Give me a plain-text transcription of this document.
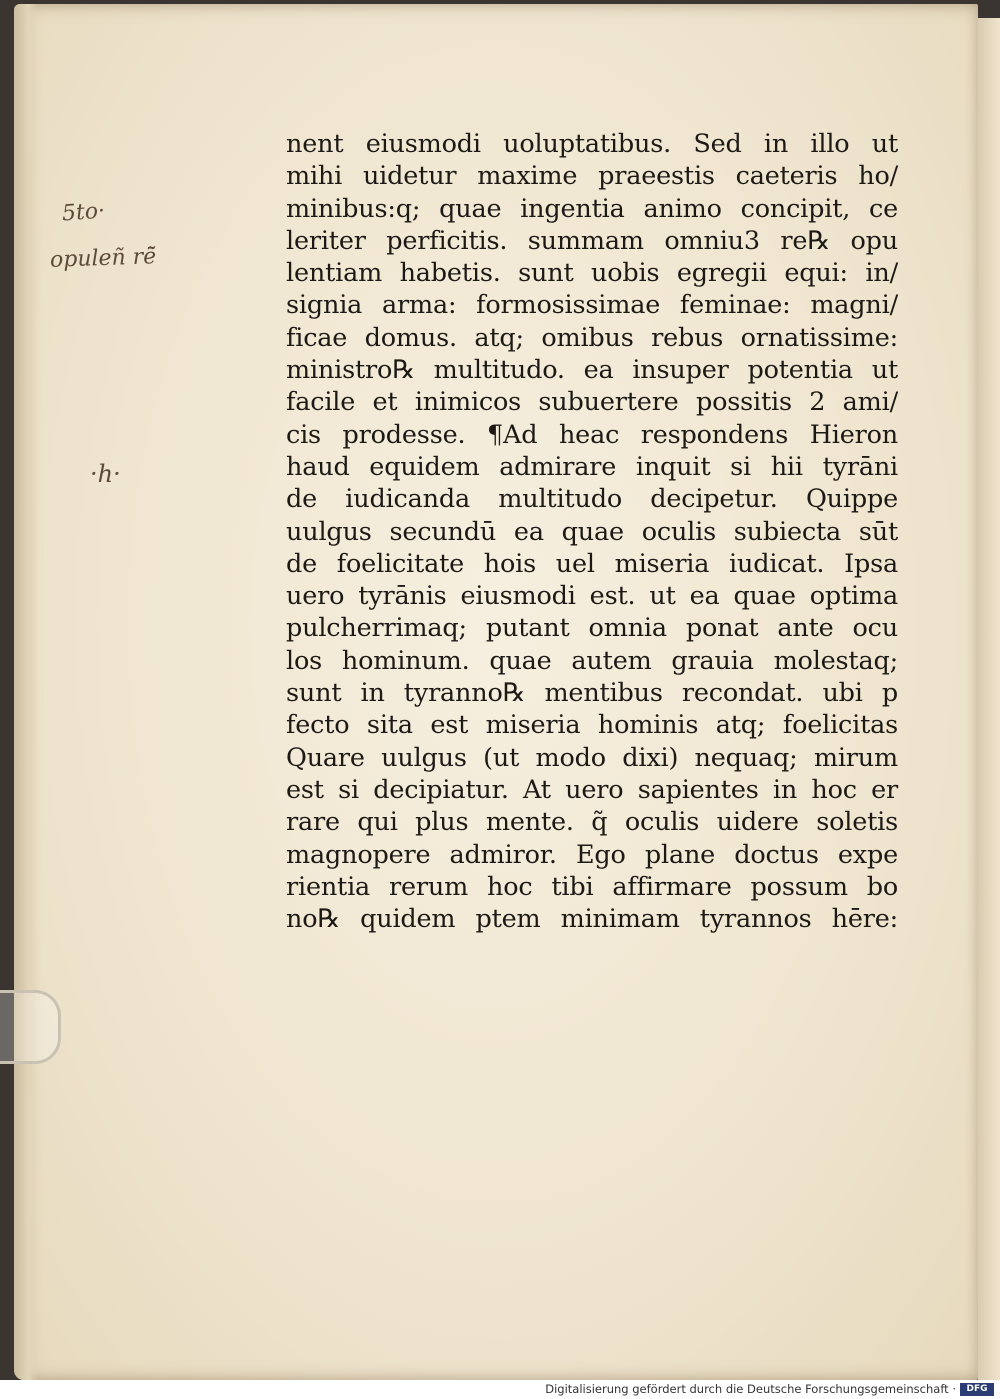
5to·
opuleñ rē̃
·h·
nent eiusmodi uoluptatibus. Sed in illo ut
mihi uidetur maxime praeestis caeteris ho/
minibus:q; quae ingentia animo concipit, ce
leriter perficitis. summam omniu3 re℞ opu
lentiam habetis. sunt uobis egregii equi: in/
signia arma: formosissimae feminae: magni/
ficae domus. atq; omibus rebus ornatissime:
ministro℞ multitudo. ea insuper potentia ut
facile et inimicos subuertere possitis 2 ami/
cis prodesse. ¶Ad heac respondens Hieron
haud equidem admirare inquit si hii tyrāni
de iudicanda multitudo decipetur. Quippe
uulgus secundū ea quae oculis subiecta sūt
de foelicitate hois uel miseria iudicat. Ipsa
uero tyrānis eiusmodi est. ut ea quae optima
pulcherrimaq; putant omnia ponat ante ocu
los hominum. quae autem grauia molestaq;
sunt in tyranno℞ mentibus recondat. ubi p
fecto sita est miseria hominis atq; foelicitas
Quare uulgus (ut modo dixi) nequaq; mirum
est si decipiatur. At uero sapientes in hoc er
rare qui plus mente. q̃ oculis uidere soletis
magnopere admiror. Ego plane doctus expe
rientia rerum hoc tibi affirmare possum bo
no℞ quidem ptem minimam tyrannos hēre:
Digitalisierung gefördert durch die Deutsche Forschungsgemeinschaft ·	DFG
